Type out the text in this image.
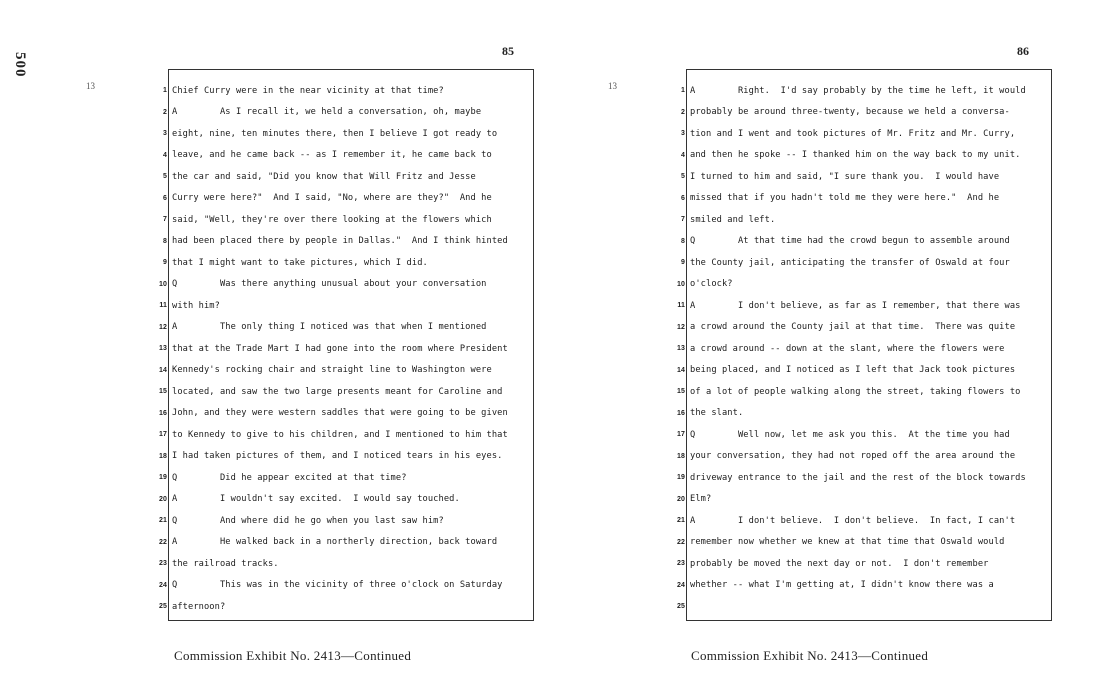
500
85
13	1 Chief Curry were in the near vicinity at that time?
2 A        As I recall it, we held a conversation, oh, maybe
3 eight, nine, ten minutes there, then I believe I got ready to
4 leave, and he came back -- as I remember it, he came back to
5 the car and said, "Did you know that Will Fritz and Jesse
6 Curry were here?"  And I said, "No, where are they?"  And he
7 said, "Well, they're over there looking at the flowers which
8 had been placed there by people in Dallas."  And I think hinted
9 that I might want to take pictures, which I did.
10 Q        Was there anything unusual about your conversation
11 with him?
12 A        The only thing I noticed was that when I mentioned
13 that at the Trade Mart I had gone into the room where President
14 Kennedy's rocking chair and straight line to Washington were
15 located, and saw the two large presents meant for Caroline and
16 John, and they were western saddles that were going to be given
17 to Kennedy to give to his children, and I mentioned to him that
18 I had taken pictures of them, and I noticed tears in his eyes.
19 Q        Did he appear excited at that time?
20 A        I wouldn't say excited.  I would say touched.
21 Q        And where did he go when you last saw him?
22 A        He walked back in a northerly direction, back toward
23 the railroad tracks.
24 Q        This was in the vicinity of three o'clock on Saturday
25 afternoon?
Commission Exhibit No. 2413—Continued
86
13	1 A        Right.  I'd say probably by the time he left, it would
2 probably be around three-twenty, because we held a conversa-
3 tion and I went and took pictures of Mr. Fritz and Mr. Curry,
4 and then he spoke -- I thanked him on the way back to my unit.
5 I turned to him and said, "I sure thank you.  I would have
6 missed that if you hadn't told me they were here."  And he
7 smiled and left.
8 Q        At that time had the crowd begun to assemble around
9 the County jail, anticipating the transfer of Oswald at four
10 o'clock?
11 A        I don't believe, as far as I remember, that there was
12 a crowd around the County jail at that time.  There was quite
13 a crowd around -- down at the slant, where the flowers were
14 being placed, and I noticed as I left that Jack took pictures
15 of a lot of people walking along the street, taking flowers to
16 the slant.
17 Q        Well now, let me ask you this.  At the time you had
18 your conversation, they had not roped off the area around the
19 driveway entrance to the jail and the rest of the block towards
20 Elm?
21 A        I don't believe.  I don't believe.  In fact, I can't
22 remember now whether we knew at that time that Oswald would
23 probably be moved the next day or not.  I don't remember
24 whether -- what I'm getting at, I didn't know there was a
25
Commission Exhibit No. 2413—Continued
